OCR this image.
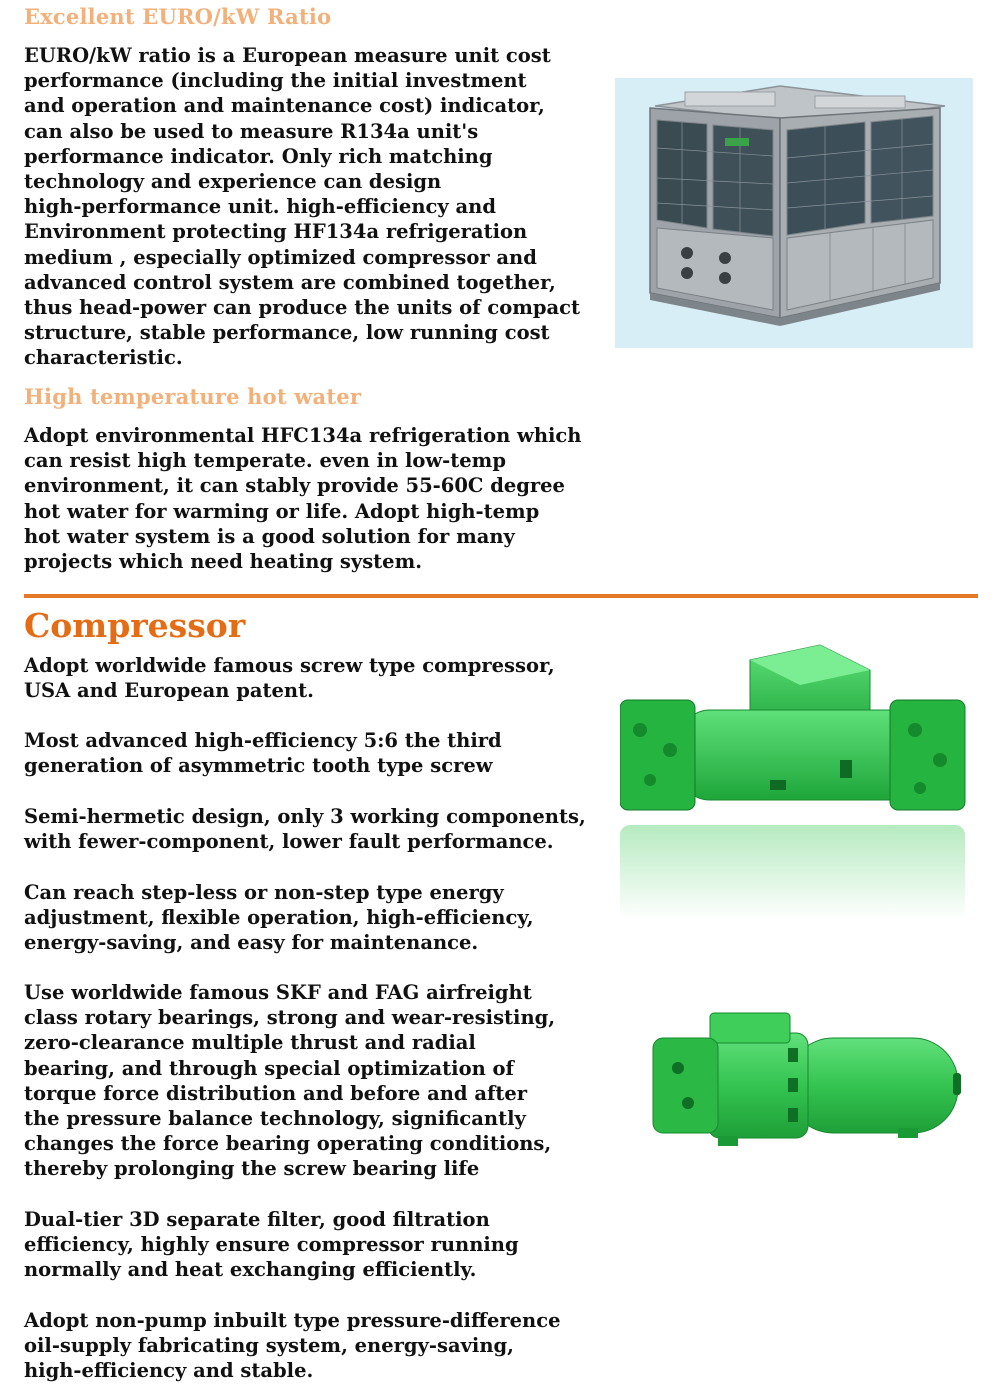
Excellent EURO/kW Ratio

EURO/kW ratio is a European measure unit cost
performance (including the initial investment
and operation and maintenance cost) indicator,
can also be used to measure R134a unit's
performance indicator. Only rich matching
technology and experience can design
high-performance unit. high-efficiency and
Environment protecting HF134a refrigeration
medium , especially optimized compressor and
advanced control system are combined together,
thus head-power can produce the units of compact
structure, stable performance, low running cost
characteristic.

High temperature hot water

Adopt environmental HFC134a refrigeration which
can resist high temperate. even in low-temp
environment, it can stably provide 55-60C degree
hot water for warming or life. Adopt high-temp
hot water system is a good solution for many
projects which need heating system.

Compressor

Adopt worldwide famous screw type compressor,
USA and European patent.

Most advanced high-efficiency 5:6 the third
generation of asymmetric tooth type screw

Semi-hermetic design, only 3 working components,
with fewer-component, lower fault performance.

Can reach step-less or non-step type energy
adjustment, flexible operation, high-efficiency,
energy-saving, and easy for maintenance.

Use worldwide famous SKF and FAG airfreight
class rotary bearings, strong and wear-resisting,
zero-clearance multiple thrust and radial
bearing, and through special optimization of
torque force distribution and before and after
the pressure balance technology, significantly
changes the force bearing operating conditions,
thereby prolonging the screw bearing life

Dual-tier 3D separate filter, good filtration
efficiency, highly ensure compressor running
normally and heat exchanging efficiently.

Adopt non-pump inbuilt type pressure-difference
oil-supply fabricating system, energy-saving,
high-efficiency and stable.
